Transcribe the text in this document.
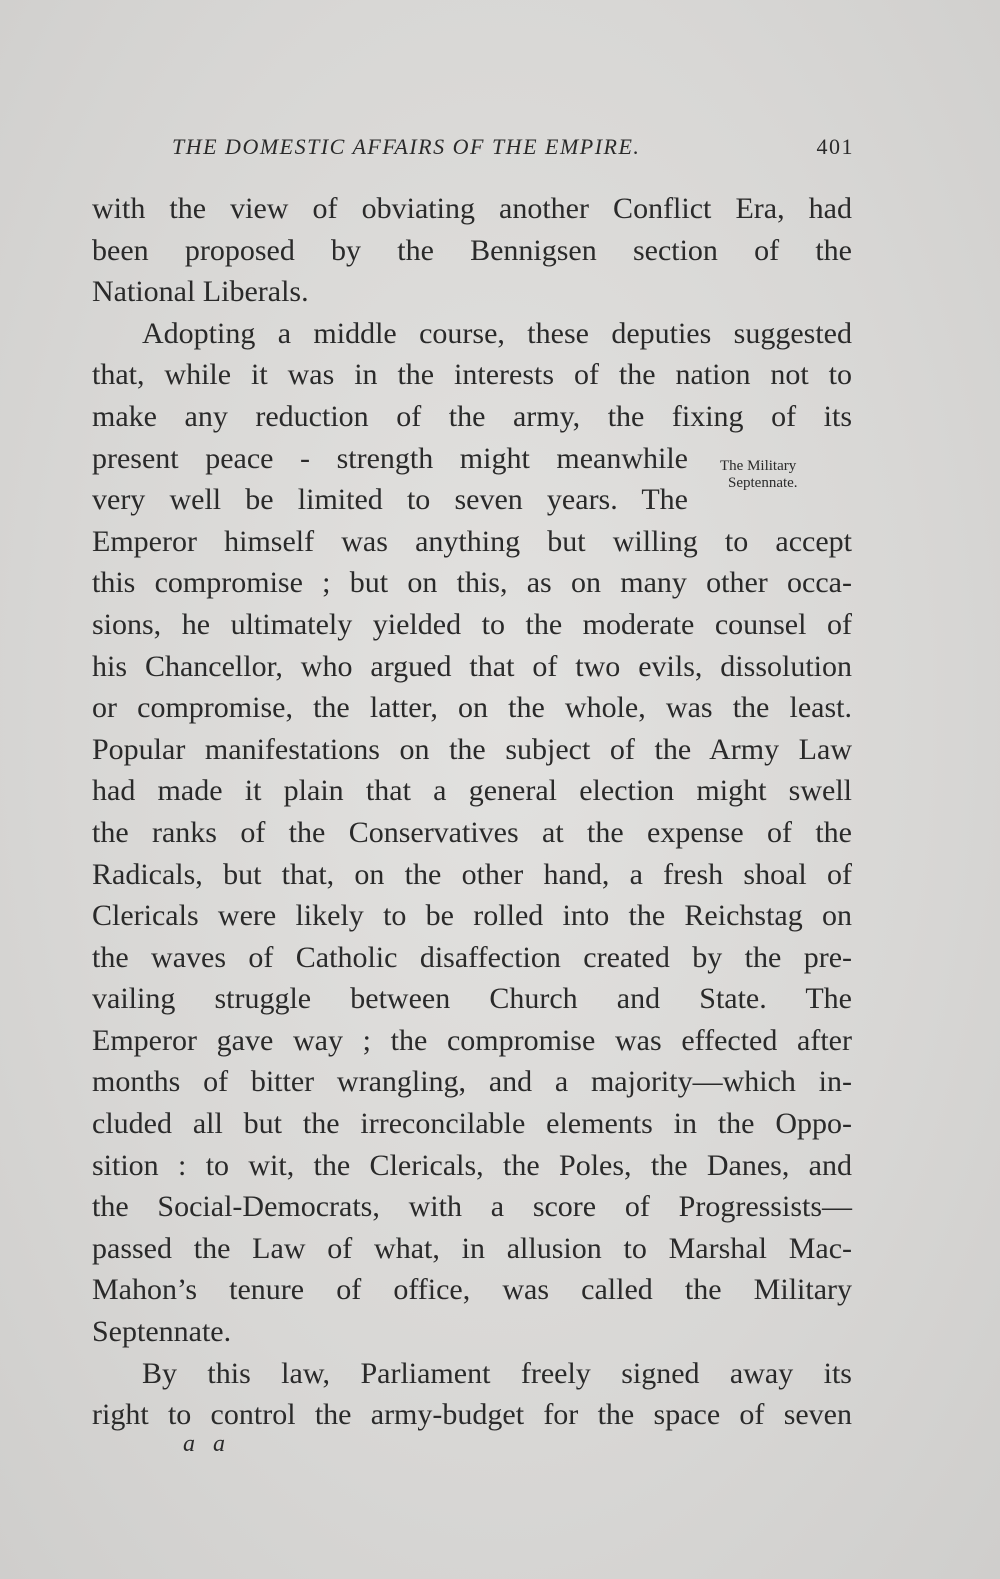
THE DOMESTIC AFFAIRS OF THE EMPIRE.	401
with the view of obviating another Conflict Era, had
been proposed by the Bennigsen section of the
National Liberals.
Adopting a middle course, these deputies suggested
that, while it was in the interests of the nation not to
make any reduction of the army, the fixing of its
present peace - strength might meanwhile
very well be limited to seven years. The
Emperor himself was anything but willing to accept
this compromise ; but on this, as on many other occa-
sions, he ultimately yielded to the moderate counsel of
his Chancellor, who argued that of two evils, dissolution
or compromise, the latter, on the whole, was the least.
Popular manifestations on the subject of the Army Law
had made it plain that a general election might swell
the ranks of the Conservatives at the expense of the
Radicals, but that, on the other hand, a fresh shoal of
Clericals were likely to be rolled into the Reichstag on
the waves of Catholic disaffection created by the pre-
vailing struggle between Church and State. The
Emperor gave way ; the compromise was effected after
months of bitter wrangling, and a majority—which in-
cluded all but the irreconcilable elements in the Oppo-
sition : to wit, the Clericals, the Poles, the Danes, and
the Social-Democrats, with a score of Progressists—
passed the Law of what, in allusion to Marshal Mac-
Mahon’s tenure of office, was called the Military
Septennate.
By this law, Parliament freely signed away its
right to control the army-budget for the space of seven
The Military
Septennate.
a a
